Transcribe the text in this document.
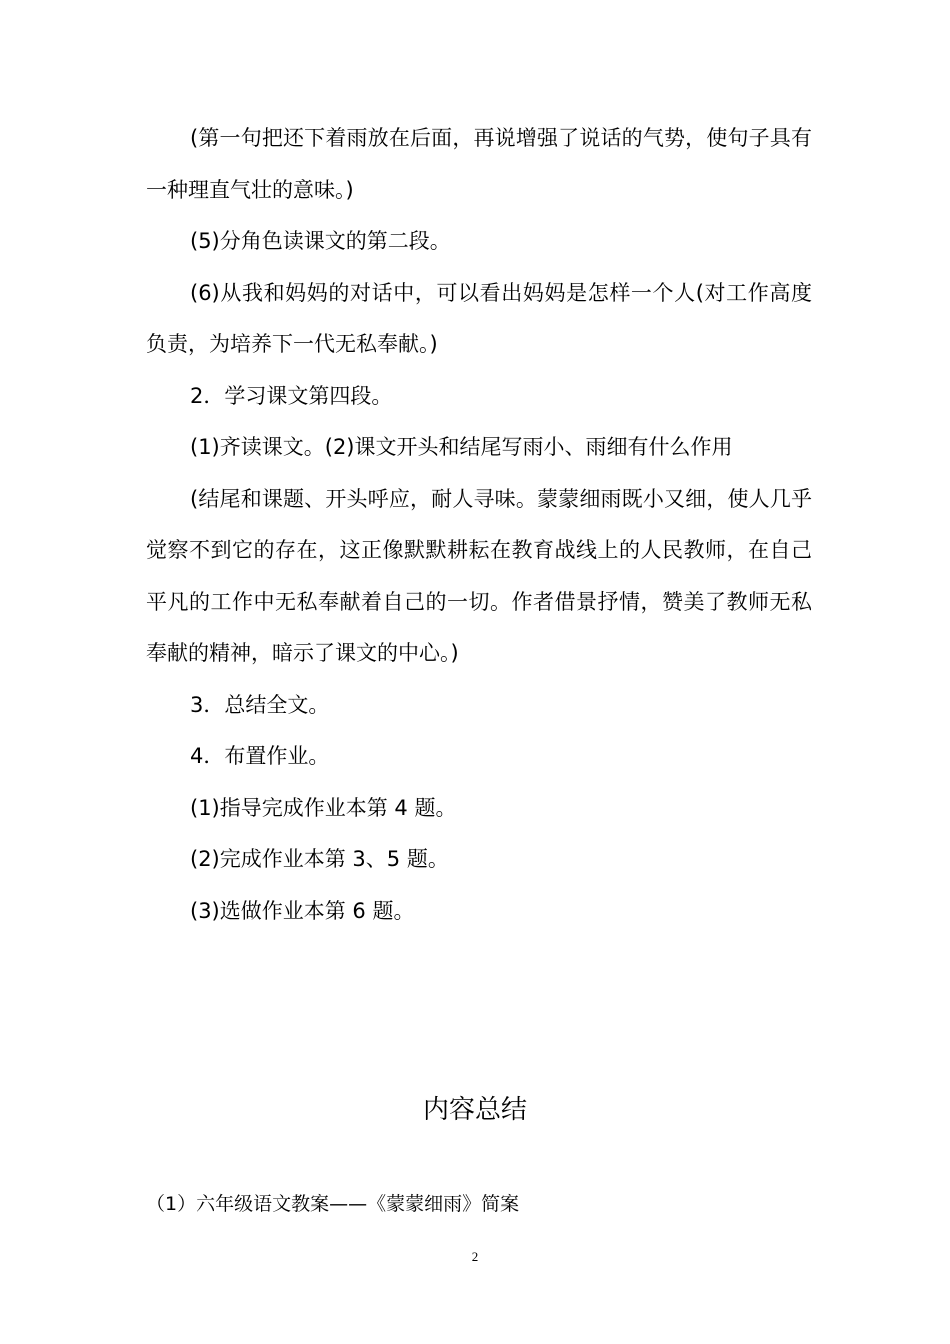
(第一句把还下着雨放在后面，再说增强了说话的气势，使句子具有一种理直气壮的意味。)

(5)分角色读课文的第二段。

(6)从我和妈妈的对话中，可以看出妈妈是怎样一个人(对工作高度负责，为培养下一代无私奉献。)

2．学习课文第四段。

(1)齐读课文。(2)课文开头和结尾写雨小、雨细有什么作用

(结尾和课题、开头呼应，耐人寻味。蒙蒙细雨既小又细，使人几乎觉察不到它的存在，这正像默默耕耘在教育战线上的人民教师，在自己平凡的工作中无私奉献着自己的一切。作者借景抒情，赞美了教师无私奉献的精神，暗示了课文的中心。)

3．总结全文。

4．布置作业。

(1)指导完成作业本第 4 题。

(2)完成作业本第 3、5 题。

(3)选做作业本第 6 题。

内容总结
（1）六年级语文教案——《蒙蒙细雨》简案
2
